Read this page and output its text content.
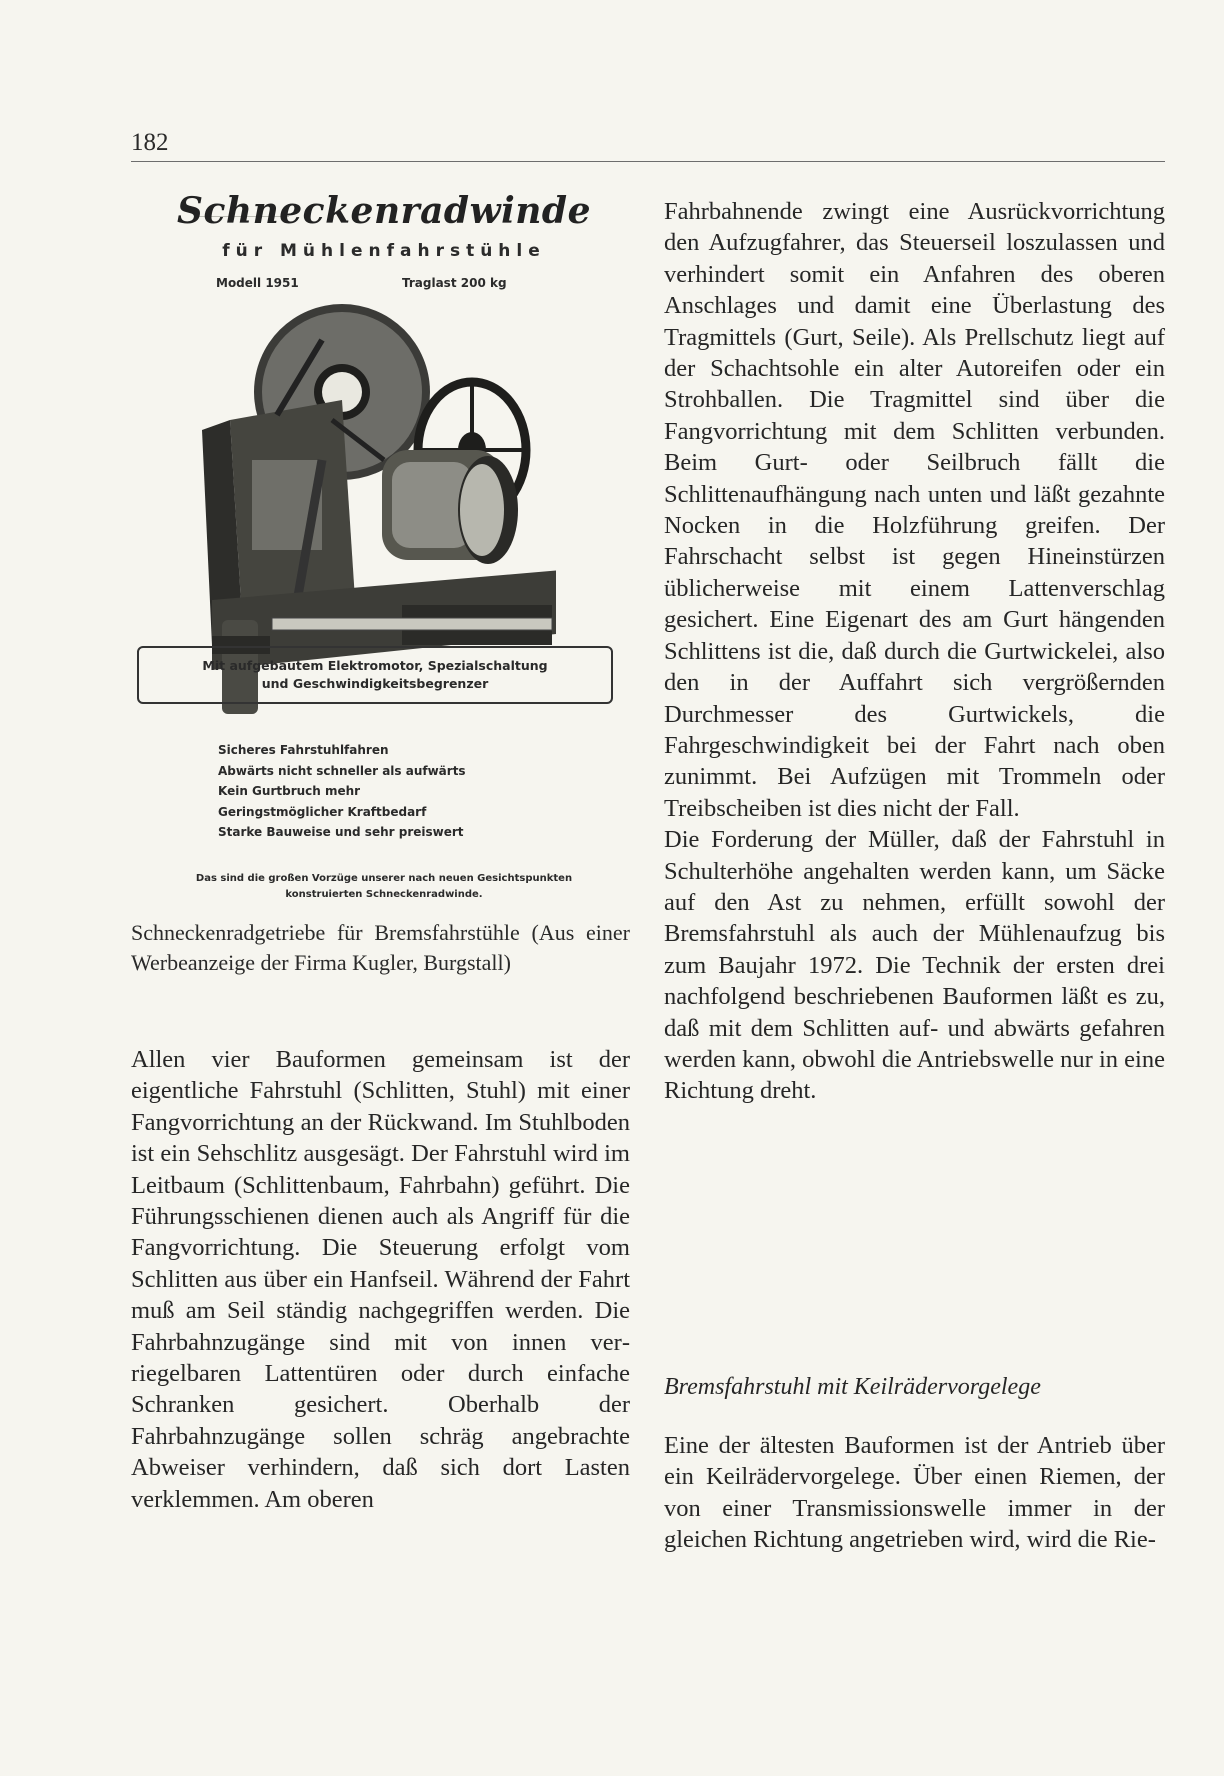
182
Schneckenradwinde
für Mühlenfahrstühle
Modell 1951	Traglast 200 kg
Mit aufgebautem Elektromotor, Spezialschaltung
und Geschwindigkeitsbegrenzer
Sicheres Fahrstuhlfahren
Abwärts nicht schneller als aufwärts
Kein Gurtbruch mehr
Geringstmöglicher Kraftbedarf
Starke Bauweise und sehr preiswert
Das sind die großen Vorzüge unserer nach neuen Gesichtspunkten
konstruierten Schneckenradwinde.
Schneckenradgetriebe für Bremsfahrstühle (Aus einer Werbeanzeige der Firma Kugler, Burgstall)

Allen vier Bauformen gemeinsam ist der eigentliche Fahrstuhl (Schlitten, Stuhl) mit einer Fangvorrichtung an der Rückwand. Im Stuhlboden ist ein Sehschlitz ausgesägt. Der Fahrstuhl wird im Leitbaum (Schlittenbaum, Fahrbahn) geführt. Die Führungsschienen dienen auch als Angriff für die Fangvorrichtung. Die Steuerung erfolgt vom Schlitten aus über ein Hanfseil. Während der Fahrt muß am Seil ständig nachgegriffen werden. Die Fahrbahnzugänge sind mit von innen verriegelbaren Lattentüren oder durch einfache Schranken gesichert. Oberhalb der Fahrbahnzugänge sollen schräg angebrachte Abweiser verhindern, daß sich dort Lasten verklemmen. Am oberen

Fahrbahnende zwingt eine Ausrückvorrichtung den Aufzugfahrer, das Steuerseil loszulassen und verhindert somit ein Anfahren des oberen Anschlages und damit eine Überlastung des Tragmittels (Gurt, Seile). Als Prellschutz liegt auf der Schachtsohle ein alter Autoreifen oder ein Strohballen. Die Tragmittel sind über die Fangvorrichtung mit dem Schlitten verbunden. Beim Gurt- oder Seilbruch fällt die Schlittenaufhängung nach unten und läßt gezahnte Nocken in die Holzführung greifen. Der Fahrschacht selbst ist gegen Hineinstürzen üblicherweise mit einem Lattenverschlag gesichert. Eine Eigenart des am Gurt hängenden Schlittens ist die, daß durch die Gurtwickelei, also den in der Auffahrt sich vergrößernden Durchmesser des Gurtwickels, die Fahrgeschwindigkeit bei der Fahrt nach oben zunimmt. Bei Aufzügen mit Trommeln oder Treibscheiben ist dies nicht der Fall.

Die Forderung der Müller, daß der Fahrstuhl in Schulterhöhe angehalten werden kann, um Säcke auf den Ast zu nehmen, erfüllt sowohl der Bremsfahrstuhl als auch der Mühlenaufzug bis zum Baujahr 1972. Die Technik der ersten drei nachfolgend beschriebenen Bauformen läßt es zu, daß mit dem Schlitten auf- und abwärts gefahren werden kann, obwohl die Antriebswelle nur in eine Richtung dreht.

Bremsfahrstuhl mit Keilrädervorgelege

Eine der ältesten Bauformen ist der Antrieb über ein Keilrädervorgelege. Über einen Riemen, der von einer Transmissionswelle immer in der gleichen Richtung angetrieben wird, wird die Rie-
